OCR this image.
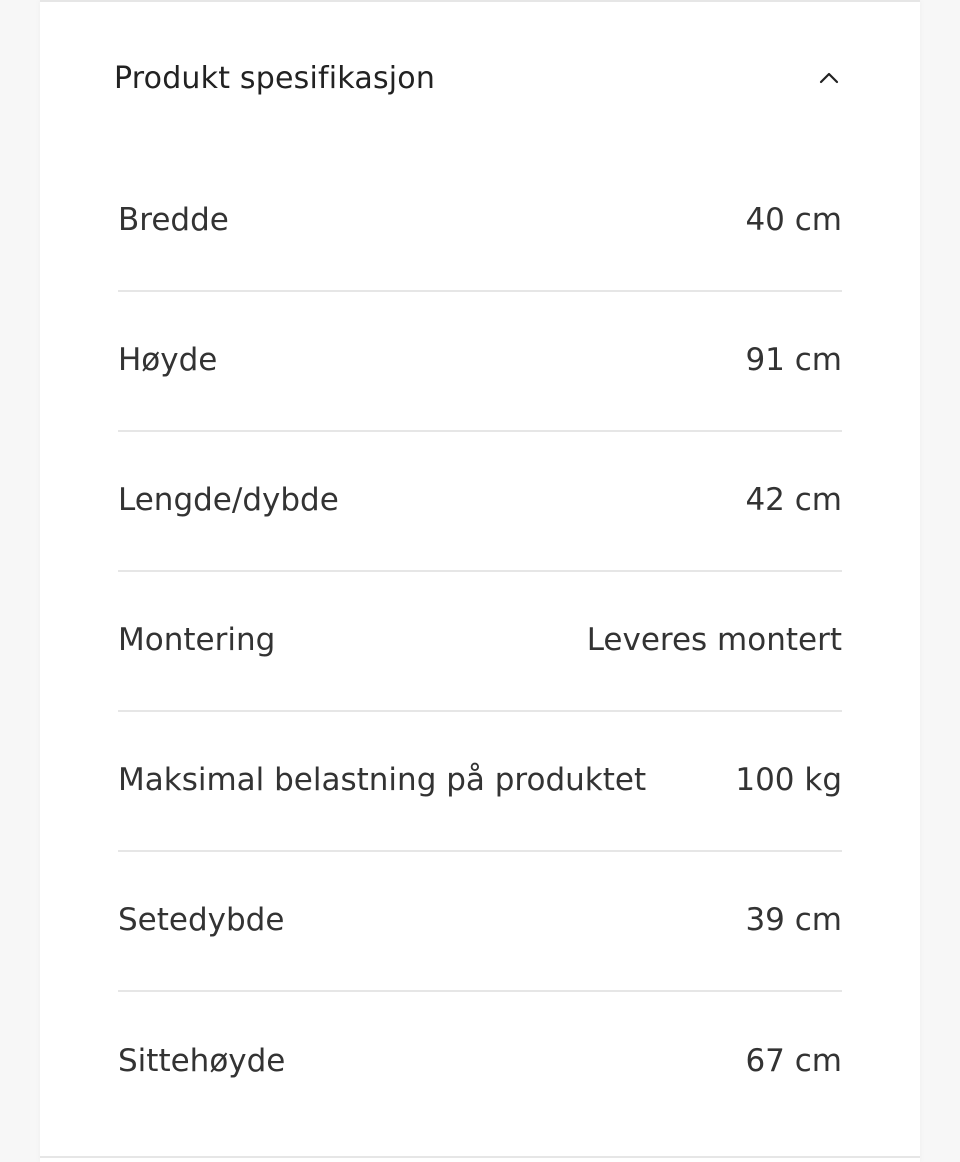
Produkt spesifikasjon
Bredde	40 cm
Høyde	91 cm
Lengde/dybde	42 cm
Montering	Leveres montert
Maksimal belastning på produktet	100 kg
Setedybde	39 cm
Sittehøyde	67 cm
